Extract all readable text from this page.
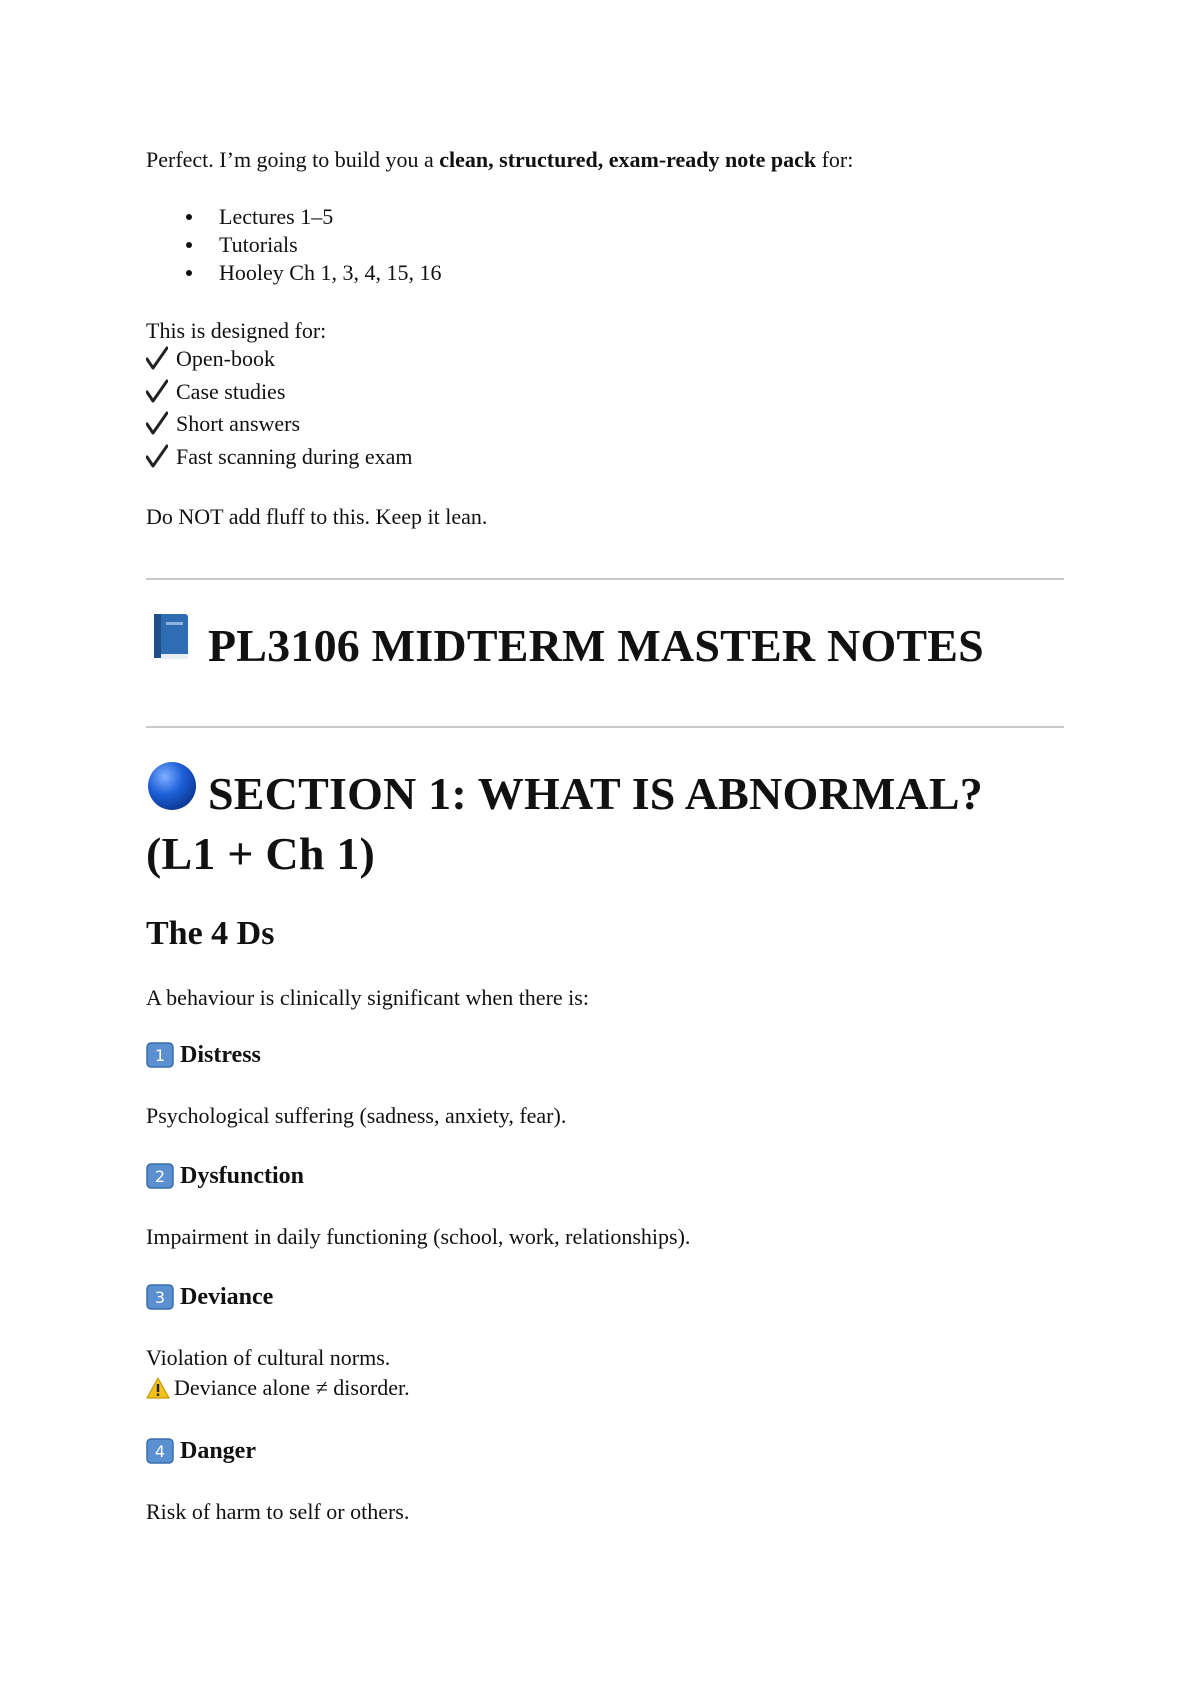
Perfect. I’m going to build you a clean, structured, exam-ready note pack for:

Lectures 1–5
Tutorials
Hooley Ch 1, 3, 4, 15, 16

This is designed for:

Open-book
Case studies
Short answers
Fast scanning during exam

Do NOT add fluff to this. Keep it lean.

PL3106 MIDTERM MASTER NOTES
SECTION 1: WHAT IS ABNORMAL?
(L1 + Ch 1)
The 4 Ds

A behaviour is clinically significant when there is:

1 Distress

Psychological suffering (sadness, anxiety, fear).

2 Dysfunction

Impairment in daily functioning (school, work, relationships).

3 Deviance

Violation of cultural norms.

Deviance alone ≠ disorder.
4 Danger

Risk of harm to self or others.
